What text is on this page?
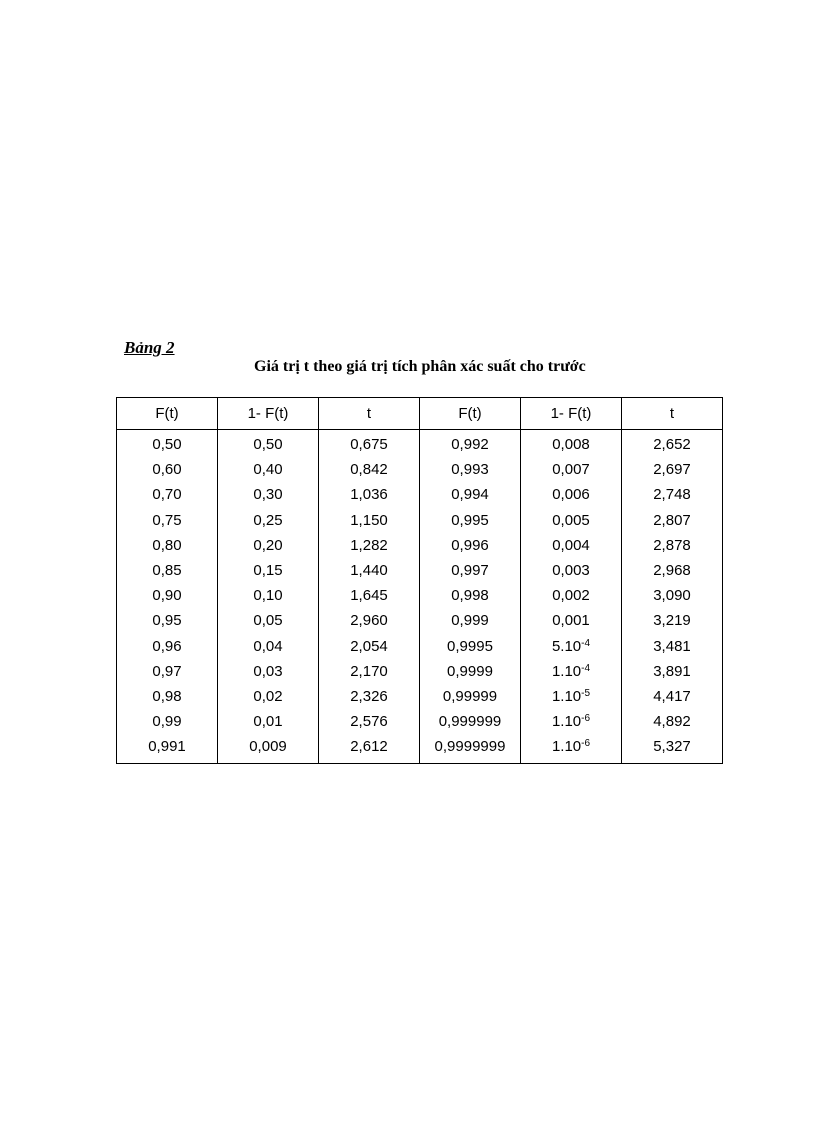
Bảng 2

Giá trị t theo giá trị tích phân xác suất cho trước

F(t)	1- F(t)	t	F(t)	1- F(t)	t
0,50	0,50	0,675	0,992	0,008	2,652
0,60	0,40	0,842	0,993	0,007	2,697
0,70	0,30	1,036	0,994	0,006	2,748
0,75	0,25	1,150	0,995	0,005	2,807
0,80	0,20	1,282	0,996	0,004	2,878
0,85	0,15	1,440	0,997	0,003	2,968
0,90	0,10	1,645	0,998	0,002	3,090
0,95	0,05	2,960	0,999	0,001	3,219
0,96	0,04	2,054	0,9995	$5.10^{-4}$	3,481
0,97	0,03	2,170	0,9999	$1.10^{-4}$	3,891
0,98	0,02	2,326	0,99999	$1.10^{-5}$	4,417
0,99	0,01	2,576	0,999999	$1.10^{-6}$	4,892
0,991	0,009	2,612	0,9999999	$1.10^{-6}$	5,327
